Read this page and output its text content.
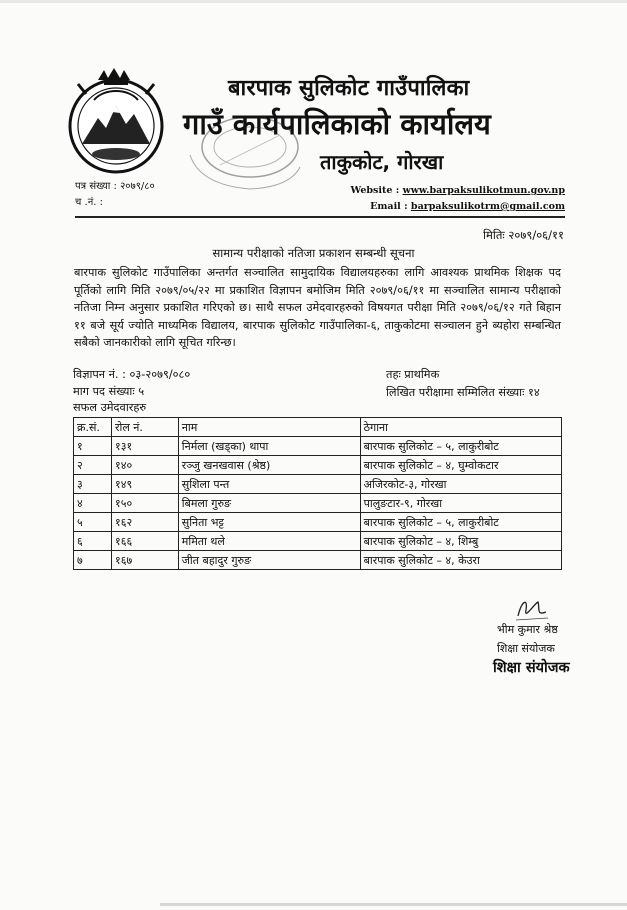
बारपाक सुलिकोट गाउँपालिका
गाउँ कार्यपालिकाको कार्यालय
ताकुकोट, गोरखा
पत्र संख्या : २०७९/८०
च .नं. :
Website : www.barpaksulikotmun.gov.np
Email : barpaksulikotrm@gmail.com
मितिः २०७९/०६/११
सामान्य परीक्षाको नतिजा प्रकाशन सम्बन्धी सूचना
बारपाक सुलिकोट गाउँपालिका अन्तर्गत सञ्चालित सामुदायिक विद्यालयहरुका लागि आवश्यक प्राथमिक शिक्षक पद पूर्तिको लागि मिति २०७९/०५/२२ मा प्रकाशित विज्ञापन बमोजिम मिति २०७९/०६/११ मा सञ्चालित सामान्य परीक्षाको नतिजा निम्न अनुसार प्रकाशित गरिएको छ। साथै सफल उमेदवारहरुको विषयगत परीक्षा मिति २०७९/०६/१२ गते बिहान ११ बजे सूर्य ज्योति माध्यमिक विद्यालय, बारपाक सुलिकोट गाउँपालिका-६, ताकुकोटमा सञ्चालन हुने ब्यहोरा सम्बन्धित सबैको जानकारीको लागि सूचित गरिन्छ।
विज्ञापन नं. : ०३-२०७९/०८०	तहः प्राथमिक
माग पद संख्याः ५	लिखित परीक्षामा सम्मिलित संख्याः १४
सफल उमेदवारहरु
क्र.सं.	रोल नं.	नाम	ठेगाना
१	१३१	निर्मला (खड्का) थापा	बारपाक सुलिकोट – ५, लाकुरीबोट
२	१४०	रञ्जु खनखवास (श्रेष्ठ)	बारपाक सुलिकोट – ४, घुम्वोकटार
३	१४९	सुशिला पन्त	अजिरकोट-३, गोरखा
४	१५०	बिमला गुरुङ	पालुङटार-९, गोरखा
५	१६२	सुनिता भट्ट	बारपाक सुलिकोट – ५, लाकुरीबोट
६	१६६	ममिता थले	बारपाक सुलिकोट – ४, शिम्बु
७	१६७	जीत बहादुर गुरुङ	बारपाक सुलिकोट – ४, केउरा
भीम कुमार श्रेष्ठ
शिक्षा संयोजक
शिक्षा संयोजक
